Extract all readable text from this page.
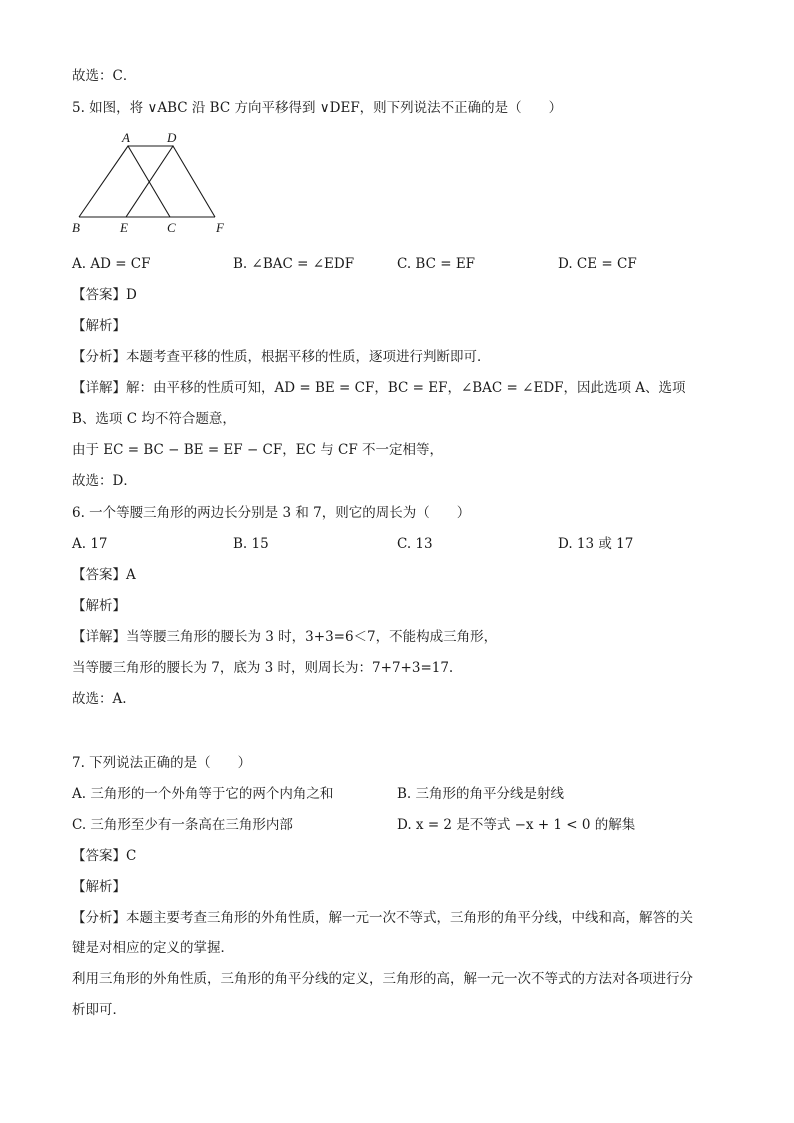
故选：C．
5. 如图，将 ∨ABC 沿 BC 方向平移得到 ∨DEF，则下列说法不正确的是（　　）
A	D
B	E	C	F
A. AD = CF	B. ∠BAC = ∠EDF	C. BC = EF	D. CE = CF
【答案】D
【解析】
【分析】本题考查平移的性质，根据平移的性质，逐项进行判断即可．
【详解】解：由平移的性质可知，AD = BE = CF，BC = EF，∠BAC = ∠EDF，因此选项 A、选项
B、选项 C 均不符合题意，
由于 EC = BC − BE = EF − CF，EC 与 CF 不一定相等，
故选：D．
6. 一个等腰三角形的两边长分别是 3 和 7，则它的周长为（　　）
A. 17	B. 15	C. 13	D. 13 或 17
【答案】A
【解析】
【详解】当等腰三角形的腰长为 3 时，3+3=6＜7，不能构成三角形，
当等腰三角形的腰长为 7，底为 3 时，则周长为：7+7+3=17.
故选：A.
7. 下列说法正确的是（　　）
A. 三角形的一个外角等于它的两个内角之和	B. 三角形的角平分线是射线
C. 三角形至少有一条高在三角形内部	D. x = 2 是不等式 −x + 1 < 0 的解集
【答案】C
【解析】
【分析】本题主要考查三角形的外角性质，解一元一次不等式，三角形的角平分线，中线和高，解答的关
键是对相应的定义的掌握．
利用三角形的外角性质，三角形的角平分线的定义，三角形的高，解一元一次不等式的方法对各项进行分
析即可．
